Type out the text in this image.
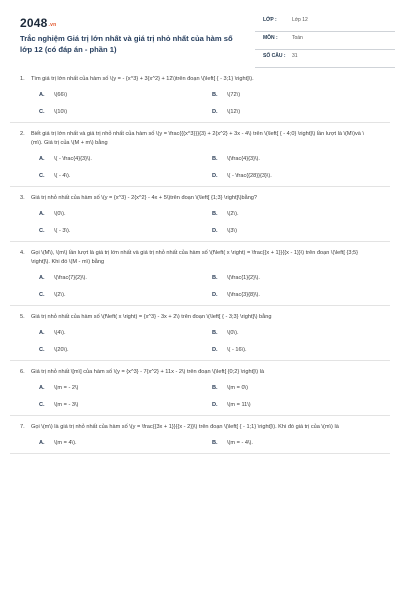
2048.vn
Trắc nghiệm Giá trị lớn nhất và giá trị nhỏ nhất của hàm số lớp 12 (có đáp án - phần 1)
LỚP :	Lớp 12
MÔN :	Toán
SỐ CÂU : 31
1.	Tìm giá trị lớn nhất của hàm số \(y = - {x^3} + 3{x^2} + 12\)trên đoạn \(\left[ { - 3;1} \right]\).
A.	\(66\)	B.	\(72\)
C.	\(10\)	D.	\(12\)
2.	Biết giá trị lớn nhất và giá trị nhỏ nhất của hàm số \(y = \frac{{{x^3}}}{3} + 2{x^2} + 3x - 4\) trên \(\left[ { - 4;0} \right]\) lần lượt là \(M\)và \(m\). Giá trị của \(M + m\) bằng
A.	\( - \frac{4}{3}\).	B.	\(\frac{4}{3}\).
C.	\( - 4\).	D.	\( - \frac{{28}}{3}\).
3.	Giá trị nhỏ nhất của hàm số \(y = {x^3} - 2{x^2} - 4x + 5\)trên đoạn \(\left[ {1;3} \right]\)bằng?
A.	\(0\).	B.	\(2\).
C.	\( - 3\).	D.	\(3\)
4.	Gọi \(M\), \(m\) lần lượt là giá trị lớn nhất và giá trị nhỏ nhất của hàm số \(f\left( x \right) = \frac{{x + 1}}{{x - 1}}\) trên đoạn \(\left[ {3;5} \right]\). Khi đó \(M - m\) bằng
A.	\(\frac{7}{2}\).	B.	\(\frac{1}{2}\).
C.	\(2\).	D.	\(\frac{3}{8}\).
5.	Giá trị nhỏ nhất của hàm số \(f\left( x \right) = {x^3} - 3x + 2\) trên đoạn \(\left[ { - 3;3} \right]\) bằng
A.	\(4\).	B.	\(0\).
C.	\(20\).	D.	\( - 16\).
6.	Giá trị nhỏ nhất \[m\] của hàm số \(y = {x^3} - 7{x^2} + 11x - 2\) trên đoạn \(\left[ {0;2} \right]\) là
A.	\(m = - 2\)	B.	\(m = 0\)
C.	\(m = - 3\)	D.	\(m = 11\)
7.	Gọi \(m\) là giá trị nhỏ nhất của hàm số \(y = \frac{{3x + 1}}{{x - 2}}\) trên đoạn \(\left[ { - 1;1} \right]\). Khi đó giá trị của \(m\) là
A.	\(m = 4\).	B.	\(m = - 4\).
